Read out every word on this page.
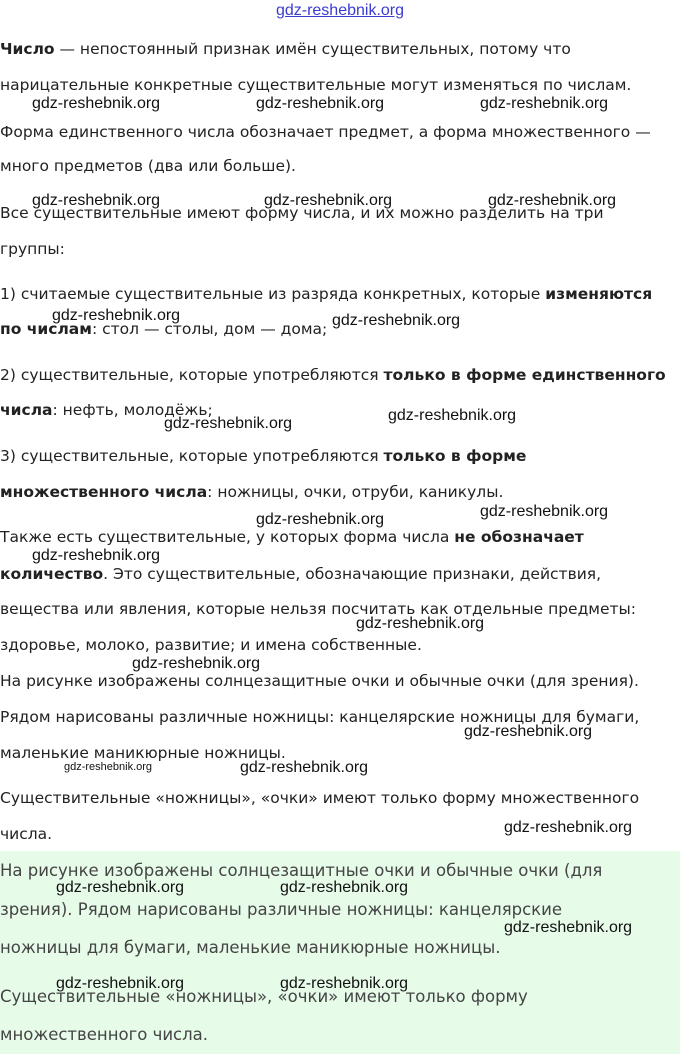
gdz-reshebnik.org

Число — непостоянный признак имён существительных, потому что

нарицательные конкретные существительные могут изменяться по числам.

Форма единственного числа обозначает предмет, а форма множественного —

много предметов (два или больше).

Все существительные имеют форму числа, и их можно разделить на три

группы:

1) считаемые существительные из разряда конкретных, которые изменяются

по числам: стол — столы, дом — дома;

2) существительные, которые употребляются только в форме единственного

числа: нефть, молодёжь;

3) существительные, которые употребляются только в форме

множественного числа: ножницы, очки, отруби, каникулы.

Также есть существительные, у которых форма числа не обозначает

количество. Это существительные, обозначающие признаки, действия,

вещества или явления, которые нельзя посчитать как отдельные предметы:

здоровье, молоко, развитие; и имена собственные.

На рисунке изображены солнцезащитные очки и обычные очки (для зрения).

Рядом нарисованы различные ножницы: канцелярские ножницы для бумаги,

маленькие маникюрные ножницы.

Существительные «ножницы», «очки» имеют только форму множественного

числа.

На рисунке изображены солнцезащитные очки и обычные очки (для

зрения). Рядом нарисованы различные ножницы: канцелярские

ножницы для бумаги, маленькие маникюрные ножницы.

Существительные «ножницы», «очки» имеют только форму

множественного числа.

gdz-reshebnik.org	gdz-reshebnik.org	gdz-reshebnik.org
gdz-reshebnik.org	gdz-reshebnik.org	gdz-reshebnik.org
gdz-reshebnik.org	gdz-reshebnik.org
gdz-reshebnik.org
gdz-reshebnik.org
gdz-reshebnik.org
gdz-reshebnik.org
gdz-reshebnik.org
gdz-reshebnik.org
gdz-reshebnik.org
gdz-reshebnik.org
gdz-reshebnik.org	gdz-reshebnik.org
gdz-reshebnik.org
gdz-reshebnik.org	gdz-reshebnik.org
gdz-reshebnik.org
gdz-reshebnik.org	gdz-reshebnik.org
